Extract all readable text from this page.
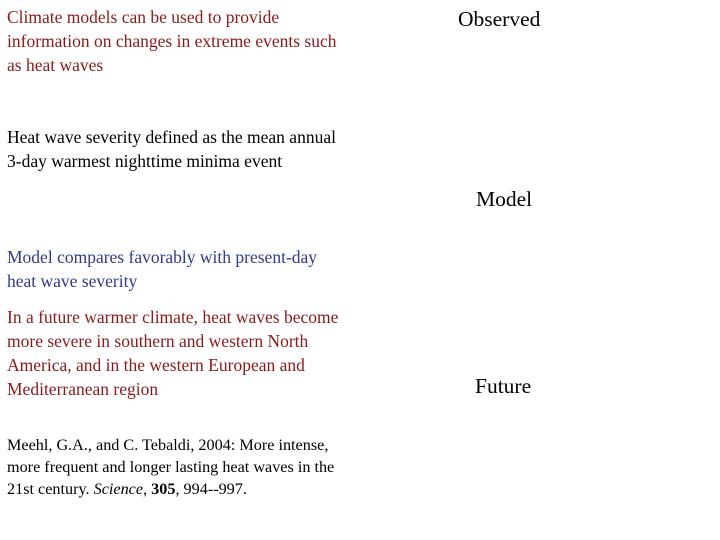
Climate models can be used to provide information on changes in extreme events such as heat waves

Heat wave severity defined as the mean annual 3-day warmest nighttime minima event

Model compares favorably with present-day heat wave severity

In a future warmer climate, heat waves become more severe in southern and western North America, and in the western European and Mediterranean region

Meehl, G.A., and C. Tebaldi, 2004: More intense, more frequent and longer lasting heat waves in the 21st century. Science, 305, 994--997.

Observed

Model

Future
